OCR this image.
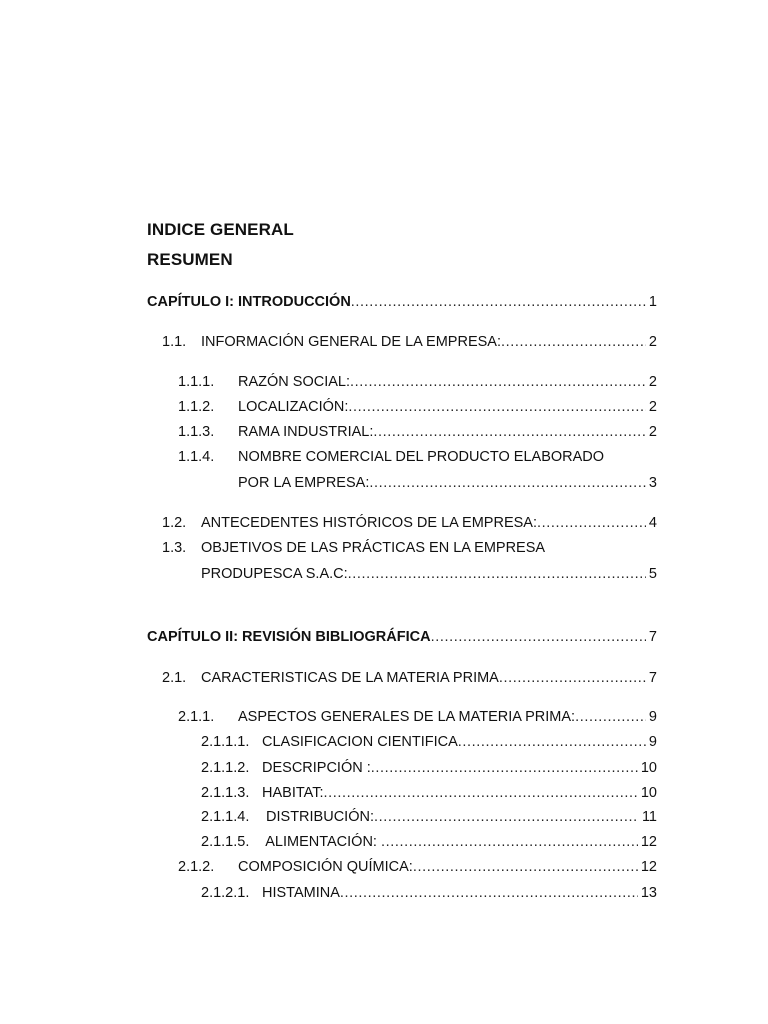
INDICE GENERAL
RESUMEN
CAPÍTULO I: INTRODUCCIÓN .....	1
1.1. INFORMACIÓN GENERAL DE LA EMPRESA: .....	2
1.1.1. RAZÓN SOCIAL: .....	2
1.1.2. LOCALIZACIÓN: .....	2
1.1.3. RAMA INDUSTRIAL: .....	2
1.1.4. NOMBRE COMERCIAL DEL PRODUCTO ELABORADO
POR LA EMPRESA: .....	3
1.2. ANTECEDENTES HISTÓRICOS DE LA EMPRESA: .....	4
1.3. OBJETIVOS DE LAS PRÁCTICAS EN LA EMPRESA
PRODUPESCA S.A.C: .....	5
CAPÍTULO II: REVISIÓN BIBLIOGRÁFICA .....	7
2.1. CARACTERISTICAS DE LA MATERIA PRIMA .....	7
2.1.1. ASPECTOS GENERALES DE LA MATERIA PRIMA: .....	9
2.1.1.1. CLASIFICACION CIENTIFICA .....	9
2.1.1.2. DESCRIPCIÓN : .....	10
2.1.1.3. HABITAT: .....	10
2.1.1.4. DISTRIBUCIÓN: .....	11
2.1.1.5. ALIMENTACIÓN: .....	12
2.1.2. COMPOSICIÓN QUÍMICA: .....	12
2.1.2.1. HISTAMINA .....	13
